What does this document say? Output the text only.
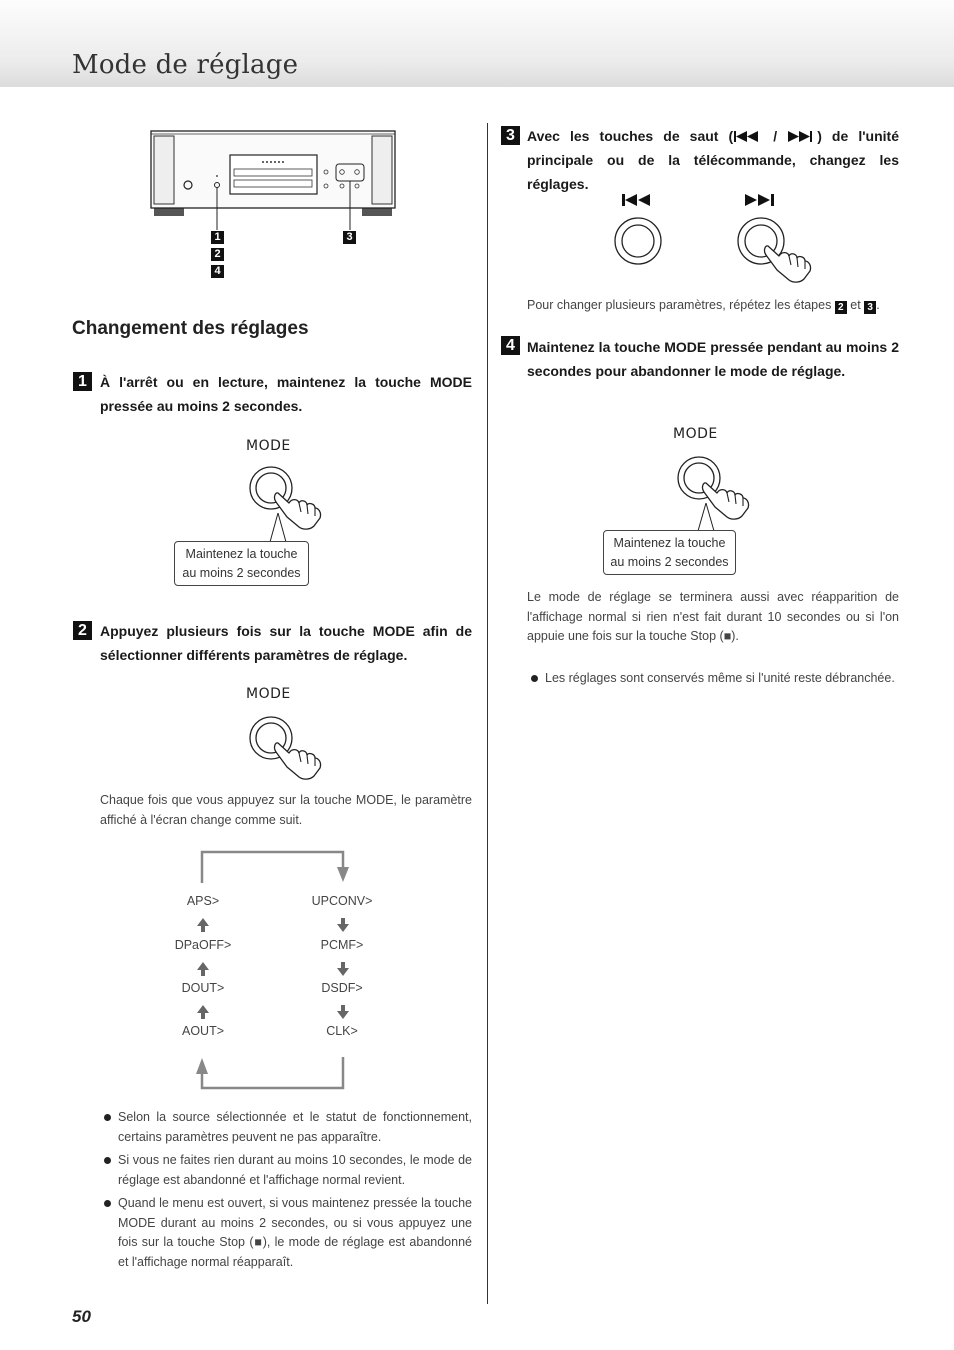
Mode de réglage
1
2
4
3
Changement des réglages
1 À l'arrêt ou en lecture, maintenez la touche MODE pressée au moins 2 secondes.
MODE
Maintenez la touche
au moins 2 secondes
2 Appuyez plusieurs fois sur la touche MODE afin de sélectionner différents paramètres de réglage.
MODE
Chaque fois que vous appuyez sur la touche MODE, le paramètre affiché à l'écran change comme suit.
APS>
DPaOFF>
DOUT>
AOUT>
UPCONV>
PCMF>
DSDF>
CLK>
Selon la source sélectionnée et le statut de fonctionnement, certains paramètres peuvent ne pas apparaître.
Si vous ne faites rien durant au moins 10 secondes, le mode de réglage est abandonné et l'affichage normal revient.
Quand le menu est ouvert, si vous maintenez pressée la touche MODE durant au moins 2 secondes, ou si vous appuyez une fois sur la touche Stop (■), le mode de réglage est abandonné et l'affichage normal réapparaît.
3 Avec les touches de saut ( / ) de l'unité principale ou de la télécommande, changez les réglages.
Pour changer plusieurs paramètres, répétez les étapes 2 et 3 .
4 Maintenez la touche MODE pressée pendant au moins 2 secondes pour abandonner le mode de réglage.
MODE
Maintenez la touche
au moins 2 secondes
Le mode de réglage se terminera aussi avec réapparition de l'affichage normal si rien n'est fait durant 10 secondes ou si l'on appuie une fois sur la touche Stop (■).
Les réglages sont conservés même si l'unité reste débranchée.
50
